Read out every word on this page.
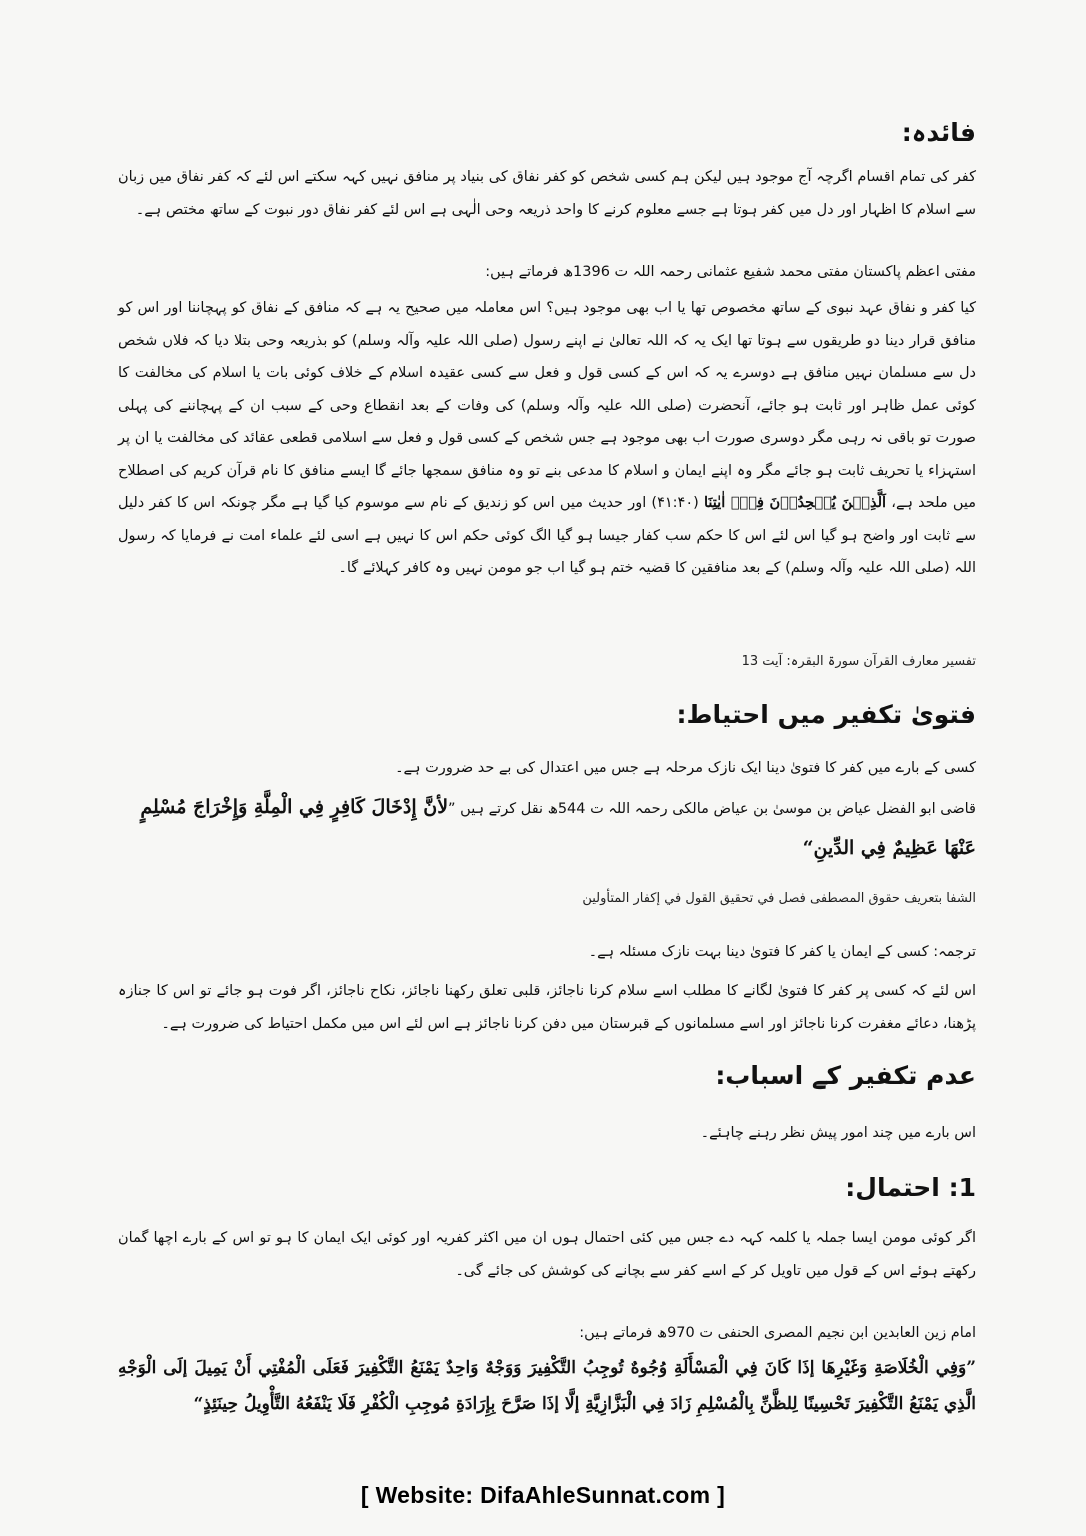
فائدہ:
کفر کی تمام اقسام اگرچہ آج موجود ہیں لیکن ہم کسی شخص کو کفر نفاق کی بنیاد پر منافق نہیں کہہ سکتے اس لئے کہ کفر نفاق میں زبان سے اسلام کا اظہار اور دل میں کفر ہوتا ہے جسے معلوم کرنے کا واحد ذریعہ وحی الٰہی ہے اس لئے کفر نفاق دور نبوت کے ساتھ مختص ہے۔
مفتی اعظم پاکستان مفتی محمد شفیع عثمانی رحمہ اللہ ت 1396ھ فرماتے ہیں:
کیا کفر و نفاق عہد نبوی کے ساتھ مخصوص تھا یا اب بھی موجود ہیں؟ اس معاملہ میں صحیح یہ ہے کہ منافق کے نفاق کو پہچاننا اور اس کو منافق قرار دینا دو طریقوں سے ہوتا تھا ایک یہ کہ اللہ تعالیٰ نے اپنے رسول (صلی اللہ علیہ وآلہ وسلم) کو بذریعہ وحی بتلا دیا کہ فلاں شخص دل سے مسلمان نہیں منافق ہے دوسرے یہ کہ اس کے کسی قول و فعل سے کسی عقیدہ اسلام کے خلاف کوئی بات یا اسلام کی مخالفت کا کوئی عمل ظاہر اور ثابت ہو جائے، آنحضرت (صلی اللہ علیہ وآلہ وسلم) کی وفات کے بعد انقطاع وحی کے سبب ان کے پہچاننے کی پہلی صورت تو باقی نہ رہی مگر دوسری صورت اب بھی موجود ہے جس شخص کے کسی قول و فعل سے اسلامی قطعی عقائد کی مخالفت یا ان پر استہزاء یا تحریف ثابت ہو جائے مگر وہ اپنے ایمان و اسلام کا مدعی بنے تو وہ منافق سمجھا جائے گا ایسے منافق کا نام قرآن کریم کی اصطلاح میں ملحد ہے، اَلَّذِیۡنَ یُلۡحِدُوۡنَ فِیۡۤ اٰیٰتِنَا (۴۱:۴۰) اور حدیث میں اس کو زندیق کے نام سے موسوم کیا گیا ہے مگر چونکہ اس کا کفر دلیل سے ثابت اور واضح ہو گیا اس لئے اس کا حکم سب کفار جیسا ہو گیا الگ کوئی حکم اس کا نہیں ہے اسی لئے علماء امت نے فرمایا کہ رسول اللہ (صلی اللہ علیہ وآلہ وسلم) کے بعد منافقین کا قضیہ ختم ہو گیا اب جو مومن نہیں وہ کافر کہلائے گا۔
تفسیر معارف القرآن سورۃ البقرہ: آیت 13
فتویٰ تکفیر میں احتیاط:
کسی کے بارے میں کفر کا فتویٰ دینا ایک نازک مرحلہ ہے جس میں اعتدال کی بے حد ضرورت ہے۔
قاضی ابو الفضل عیاض بن موسیٰ بن عیاض مالکی رحمہ اللہ ت 544ھ نقل کرتے ہیں ”لأنَّ إِدْخَالَ كَافِرٍ فِي الْمِلَّةِ وَإِخْرَاجَ مُسْلِمٍ عَنْهَا عَظِيمٌ فِي الدِّينِ“
الشفا بتعريف حقوق المصطفى فصل في تحقيق القول في إكفار المتأولين
ترجمہ: کسی کے ایمان یا کفر کا فتویٰ دینا بہت نازک مسئلہ ہے۔
اس لئے کہ کسی پر کفر کا فتویٰ لگانے کا مطلب اسے سلام کرنا ناجائز، قلبی تعلق رکھنا ناجائز، نکاح ناجائز، اگر فوت ہو جائے تو اس کا جنازہ پڑھنا، دعائے مغفرت کرنا ناجائز اور اسے مسلمانوں کے قبرستان میں دفن کرنا ناجائز ہے اس لئے اس میں مکمل احتیاط کی ضرورت ہے۔
عدم تکفیر کے اسباب:
اس بارے میں چند امور پیش نظر رہنے چاہئے۔
1: احتمال:
اگر کوئی مومن ایسا جملہ یا کلمہ کہہ دے جس میں کئی احتمال ہوں ان میں اکثر کفریہ اور کوئی ایک ایمان کا ہو تو اس کے بارے اچھا گمان رکھتے ہوئے اس کے قول میں تاویل کر کے اسے کفر سے بچانے کی کوشش کی جائے گی۔
امام زین العابدین ابن نجیم المصری الحنفی ت 970ھ فرماتے ہیں:
”وَفِي الْخُلَاصَةِ وَغَيْرِهَا إذَا كَانَ فِي الْمَسْأَلَةِ وُجُوهٌ تُوجِبُ التَّكْفِيرَ وَوَجْهٌ وَاحِدٌ يَمْنَعُ التَّكْفِيرَ فَعَلَى الْمُفْتِي أَنْ يَمِيلَ إلَى الْوَجْهِ الَّذِي يَمْنَعُ التَّكْفِيرَ تَحْسِينًا لِلظَّنِّ بِالْمُسْلِمِ زَادَ فِي الْبَزَّازِيَّةِ إلَّا إذَا صَرَّحَ بِإِرَادَةِ مُوجِبِ الْكُفْرِ فَلَا يَنْفَعُهُ التَّأْوِيلُ حِينَئِذٍ“
[ Website: DifaAhleSunnat.com ]
